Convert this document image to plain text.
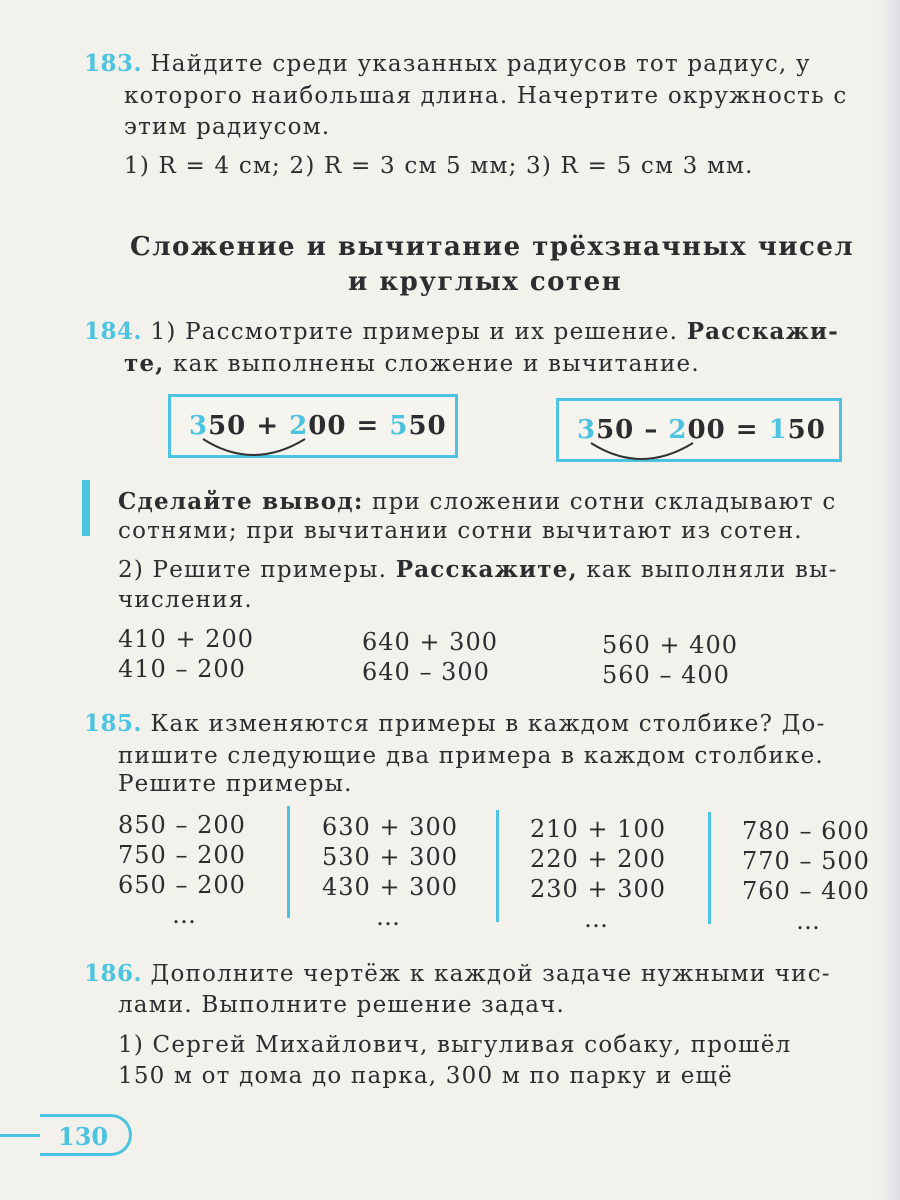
183. Найдите среди указанных радиусов тот радиус, у
которого наибольшая длина. Начертите окружность с
этим радиусом.
1) R = 4 см; 2) R = 3 см 5 мм; 3) R = 5 см 3 мм.
Сложение и вычитание трёхзначных чисел
и круглых сотен
184. 1) Рассмотрите примеры и их решение. Расскажи-
те, как выполнены сложение и вычитание.
350 + 200 = 550	350 – 200 = 150
Сделайте вывод: при сложении сотни складывают с
сотнями; при вычитании сотни вычитают из сотен.
2) Решите примеры. Расскажите, как выполняли вы-
числения.
410 + 200
410 – 200
640 + 300
640 – 300
560 + 400
560 – 400
185. Как изменяются примеры в каждом столбике? До-
пишите следующие два примера в каждом столбике.
Решите примеры.
850 – 200
750 – 200
650 – 200
…
630 + 300
530 + 300
430 + 300
…
210 + 100
220 + 200
230 + 300
…
780 – 600
770 – 500
760 – 400
…
186. Дополните чертёж к каждой задаче нужными чис-
лами. Выполните решение задач.
1) Сергей Михайлович, выгуливая собаку, прошёл
150 м от дома до парка, 300 м по парку и ещё
130
